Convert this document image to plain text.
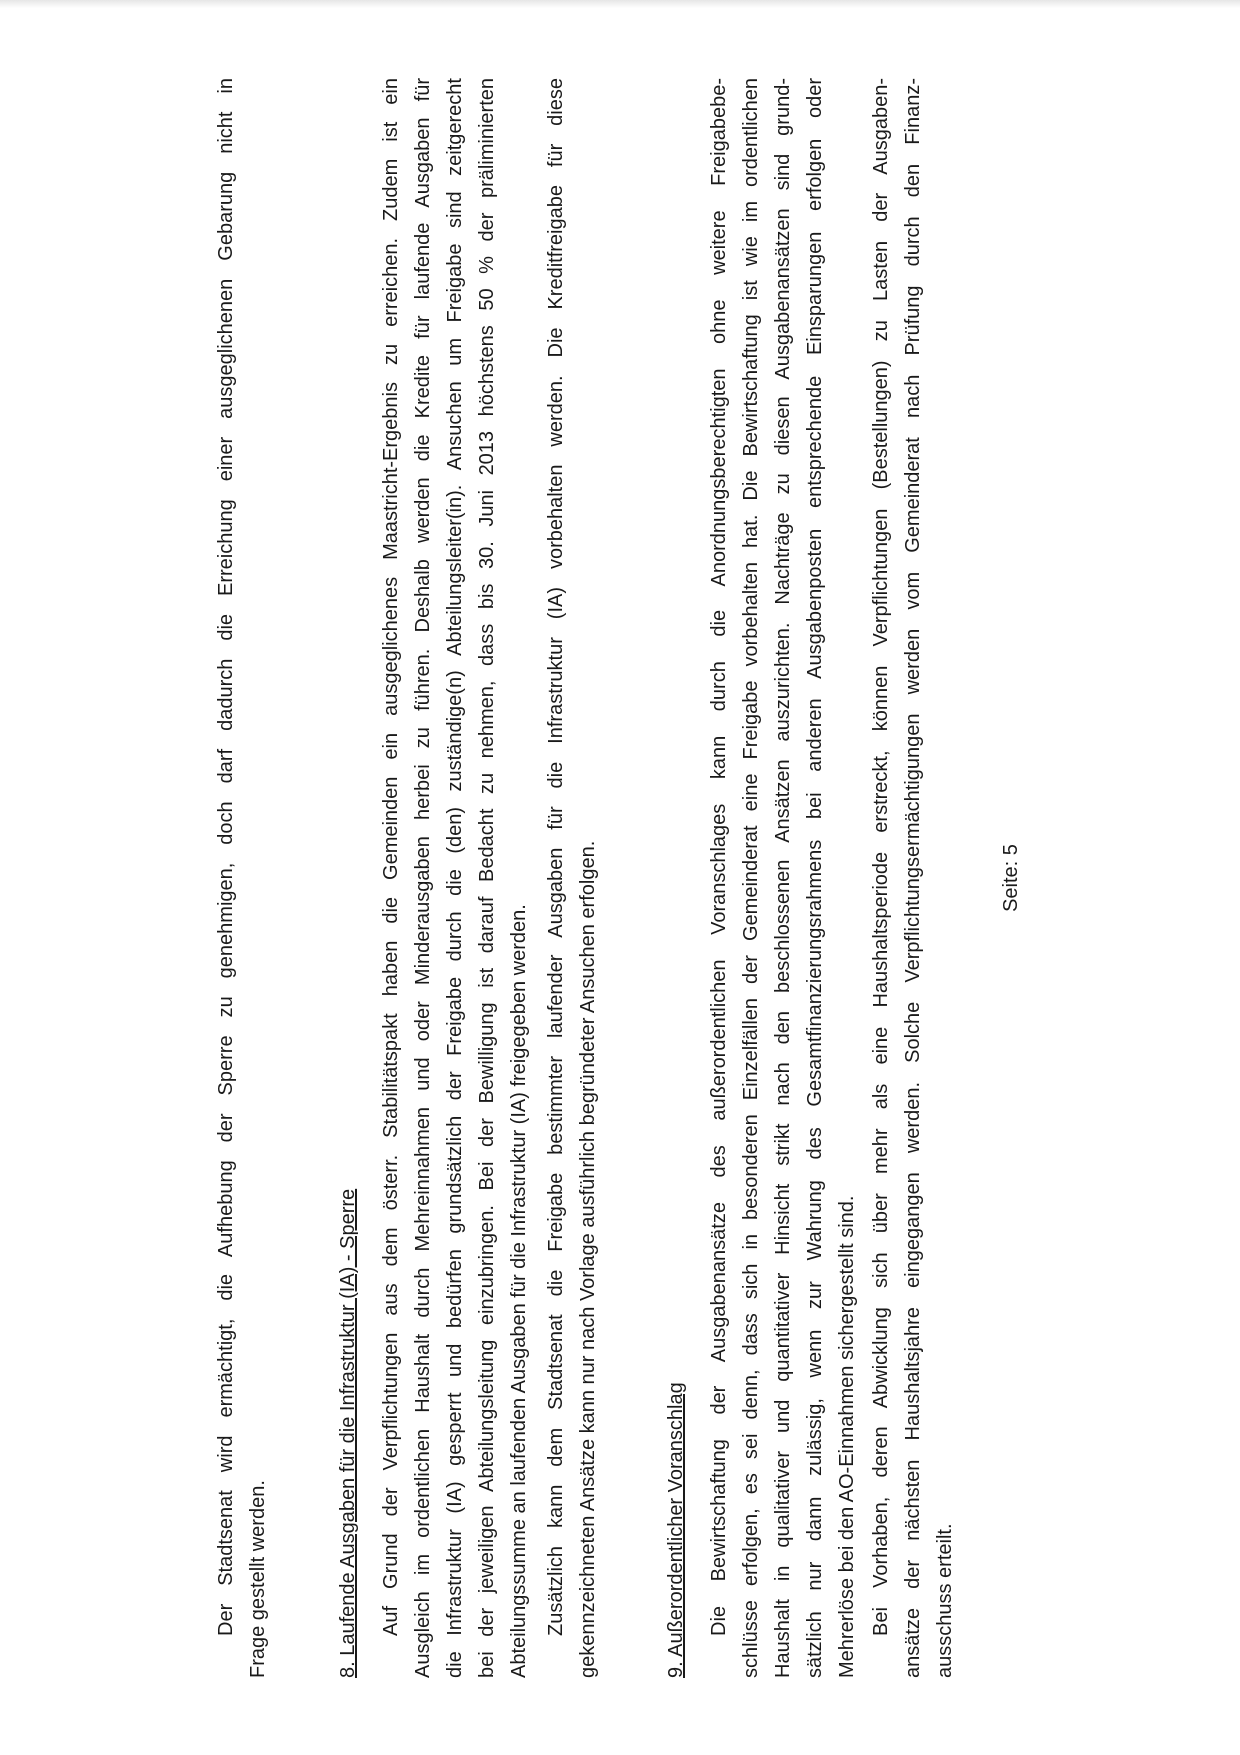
Der Stadtsenat wird ermächtigt, die Aufhebung der Sperre zu genehmigen, doch darf dadurch die Erreichung einer ausgeglichenen Gebarung nicht in Frage gestellt werden.	8. Laufende Ausgaben für die Infrastruktur (IA) - Sperre Auf Grund der Verpflichtungen aus dem österr. Stabilitätspakt haben die Gemeinden ein ausgeglichenes Maastricht-Ergebnis zu erreichen. Zudem ist ein Ausgleich im ordentlichen Haushalt durch Mehreinnahmen und oder Minderausgaben herbei zu führen. Deshalb werden die Kredite für laufende Ausgaben für die Infrastruktur (IA) gesperrt und bedürfen grundsätzlich der Freigabe durch die (den) zuständige(n) Abteilungsleiter(in). Ansuchen um Freigabe sind zeitgerecht bei der jeweiligen Abteilungsleitung einzubringen. Bei der Bewilligung ist darauf Bedacht zu nehmen, dass bis 30. Juni 2013 höchstens 50 % der präliminierten Abteilungssumme an laufenden Ausgaben für die Infrastruktur (IA) freigegeben werden. Zusätzlich kann dem Stadtsenat die Freigabe bestimmter laufender Ausgaben für die Infrastruktur (IA) vorbehalten werden. Die Kreditfreigabe für diese gekennzeichneten Ansätze kann nur nach Vorlage ausführlich begründeter Ansuchen erfolgen.	9. Außerordentlicher Voranschlag Die Bewirtschaftung der Ausgabenansätze des außerordentlichen Voranschlages kann durch die Anordnungsberechtigten ohne weitere Freigabebe- schlüsse erfolgen, es sei denn, dass sich in besonderen Einzelfällen der Gemeinderat eine Freigabe vorbehalten hat. Die Bewirtschaftung ist wie im ordentlichen Haushalt in qualitativer und quantitativer Hinsicht strikt nach den beschlossenen Ansätzen auszurichten. Nachträge zu diesen Ausgabenansätzen sind grund- sätzlich nur dann zulässig, wenn zur Wahrung des Gesamtfinanzierungsrahmens bei anderen Ausgabenposten entsprechende Einsparungen erfolgen oder Mehrerlöse bei den AO-Einnahmen sichergestellt sind. Bei Vorhaben, deren Abwicklung sich über mehr als eine Haushaltsperiode erstreckt, können Verpflichtungen (Bestellungen) zu Lasten der Ausgaben- ansätze der nächsten Haushaltsjahre eingegangen werden. Solche Verpflichtungsermächtigungen werden vom Gemeinderat nach Prüfung durch den Finanz- ausschuss erteilt.

Seite: 5
